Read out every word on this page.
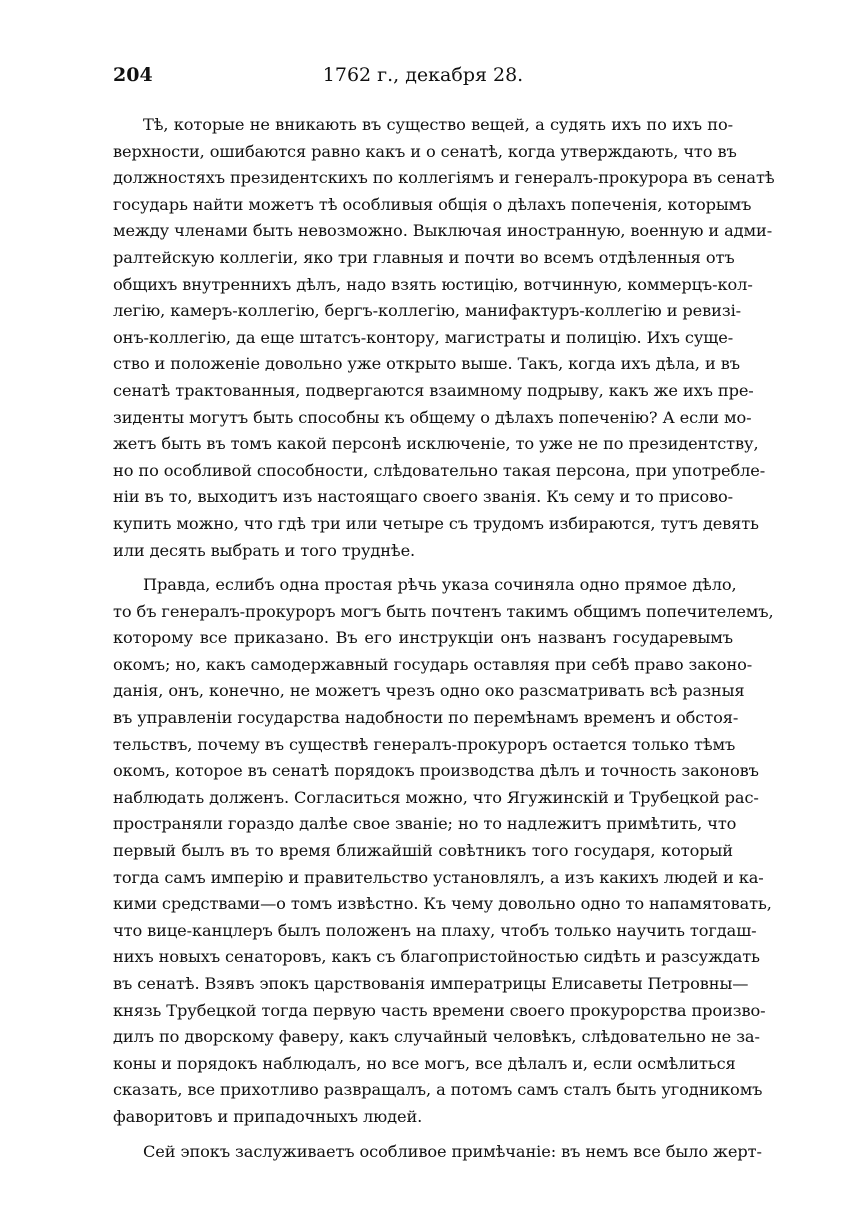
204	1762 г., декабря 28.
Тѣ, которые не вникають въ существо вещей, а судять ихъ по ихъ по-
верхности, ошибаются равно какъ и о сенатѣ, когда утверждають, что въ
должностяхъ президентскихъ по коллегіямъ и генералъ-прокурора въ сенатѣ
государь найти можетъ тѣ особливыя общія о дѣлахъ попеченія, которымъ
между членами быть невозможно. Выключая иностранную, военную и адми-
ралтейскую коллегіи, яко три главныя и почти во всемъ отдѣленныя отъ
общихъ внутреннихъ дѣлъ, надо взять юстицію, вотчинную, коммерцъ-кол-
легію, камеръ-коллегію, бергъ-коллегію, манифактуръ-коллегію и ревизі-
онъ-коллегію, да еще штатсъ-контору, магистраты и полицію. Ихъ суще-
ство и положеніе довольно уже открыто выше. Такъ, когда ихъ дѣла, и въ
сенатѣ трактованныя, подвергаются взаимному подрыву, какъ же ихъ пре-
зиденты могутъ быть способны къ общему о дѣлахъ попеченію? А если мо-
жетъ быть въ томъ какой персонѣ исключеніе, то уже не по президентству,
но по особливой способности, слѣдовательно такая персона, при употребле-
ніи въ то, выходитъ изъ настоящаго своего званія. Къ сему и то присово-
купить можно, что гдѣ три или четыре съ трудомъ избираются, тутъ девять
или десять выбрать и того труднѣе.
Правда, еслибъ одна простая рѣчь указа сочиняла одно прямое дѣло,
то бъ генералъ-прокуроръ могъ быть почтенъ такимъ общимъ попечителемъ,
которому все приказано. Въ его инструкціи онъ названъ государевымъ
окомъ; но, какъ самодержавный государь оставляя при себѣ право законо-
данія, онъ, конечно, не можетъ чрезъ одно око разсматривать всѣ разныя
въ управленіи государства надобности по перемѣнамъ временъ и обстоя-
тельствъ, почему въ существѣ генералъ-прокуроръ остается только тѣмъ
окомъ, которое въ сенатѣ порядокъ производства дѣлъ и точность законовъ
наблюдать долженъ. Согласиться можно, что Ягужинскій и Трубецкой рас-
пространяли гораздо далѣе свое званіе; но то надлежитъ примѣтить, что
первый былъ въ то время ближайшій совѣтникъ того государя, который
тогда самъ имперію и правительство установлялъ, а изъ какихъ людей и ка-
кими средствами—о томъ извѣстно. Къ чему довольно одно то напамятовать,
что вице-канцлеръ былъ положенъ на плаху, чтобъ только научить тогдаш-
нихъ новыхъ сенаторовъ, какъ съ благопристойностью сидѣть и разсуждать
въ сенатѣ. Взявъ эпокъ царствованія императрицы Елисаветы Петровны—
князь Трубецкой тогда первую часть времени своего прокурорства произво-
дилъ по дворскому фаверу, какъ случайный человѣкъ, слѣдовательно не за-
коны и порядокъ наблюдалъ, но все могъ, все дѣлалъ и, если осмѣлиться
сказать, все прихотливо развращалъ, а потомъ самъ сталъ быть угодникомъ
фаворитовъ и припадочныхъ людей.
Сей эпокъ заслуживаетъ особливое примѣчаніе: въ немъ все было жерт-
